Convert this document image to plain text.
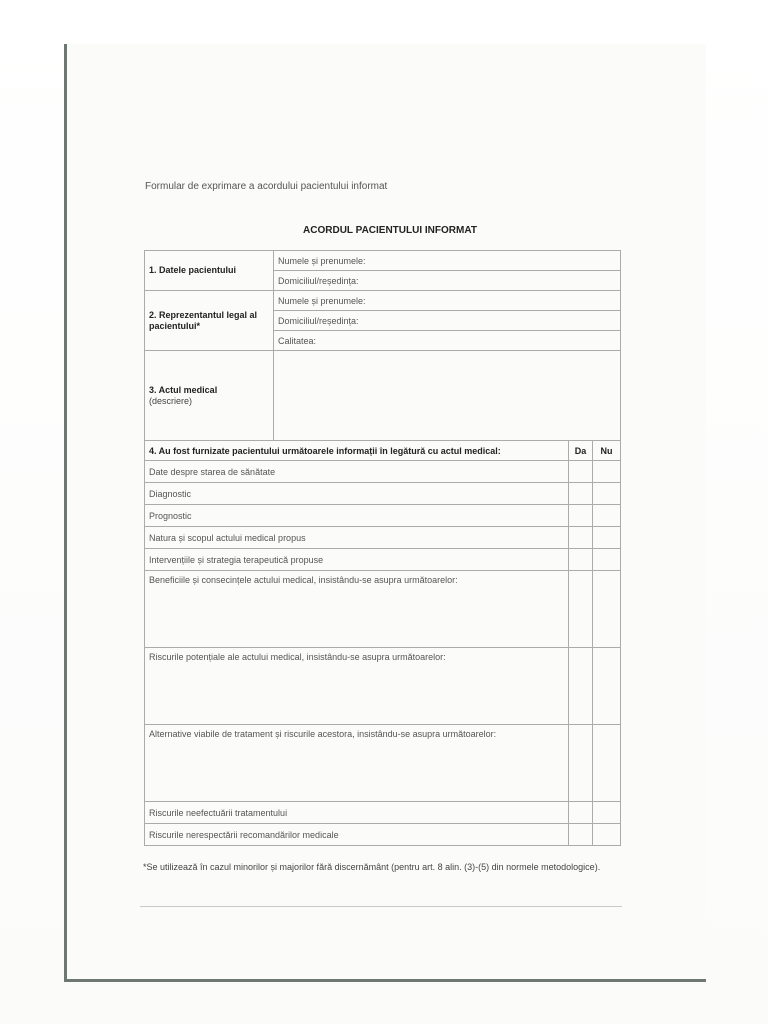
Formular de exprimare a acordului pacientului informat
ACORDUL PACIENTULUI INFORMAT
1. Datele pacientului	Numele și prenumele:		
	Domiciliul/reședința:		
2. Reprezentantul legal al pacientului*	Numele și prenumele:		
	Domiciliul/reședința:		
	Calitatea:		

3. Actul medical
(descriere)			

4. Au fost furnizate pacientului următoarele informații în legătură cu actul medical:		Da	Nu
Date despre starea de sănătate			
Diagnostic			
Prognostic			
Natura și scopul actului medical propus			
Intervențiile și strategia terapeutică propuse			
Beneficiile și consecințele actului medical, insistându-se asupra următoarelor:			
Riscurile potențiale ale actului medical, insistându-se asupra următoarelor:			
Alternative viabile de tratament și riscurile acestora, insistându-se asupra următoarelor:			
Riscurile neefectuării tratamentului			
Riscurile nerespectării recomandărilor medicale			
*Se utilizează în cazul minorilor și majorilor fără discernământ (pentru art. 8 alin. (3)-(5) din normele metodologice).
